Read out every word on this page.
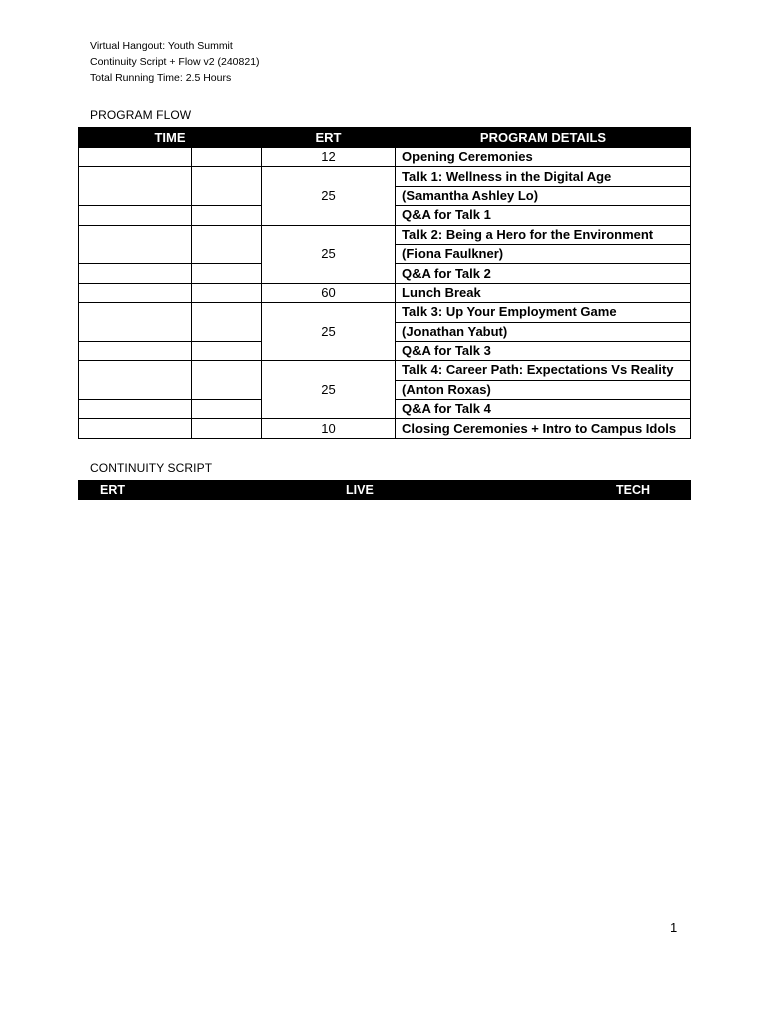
Virtual Hangout: Youth Summit
Continuity Script + Flow v2 (240821)
Total Running Time: 2.5 Hours
PROGRAM FLOW
TIME		ERT	PROGRAM DETAILS
		12	Opening Ceremonies
		25	Talk 1: Wellness in the Digital Age
			(Samantha Ashley Lo)
			Q&A for Talk 1
		25	Talk 2: Being a Hero for the Environment
			(Fiona Faulkner)
			Q&A for Talk 2
		60	Lunch Break
		25	Talk 3: Up Your Employment Game
			(Jonathan Yabut)
			Q&A for Talk 3
		25	Talk 4: Career Path: Expectations Vs Reality
			(Anton Roxas)
			Q&A for Talk 4
		10	Closing Ceremonies + Intro to Campus Idols
CONTINUITY SCRIPT
ERT	LIVE	TECH
1
